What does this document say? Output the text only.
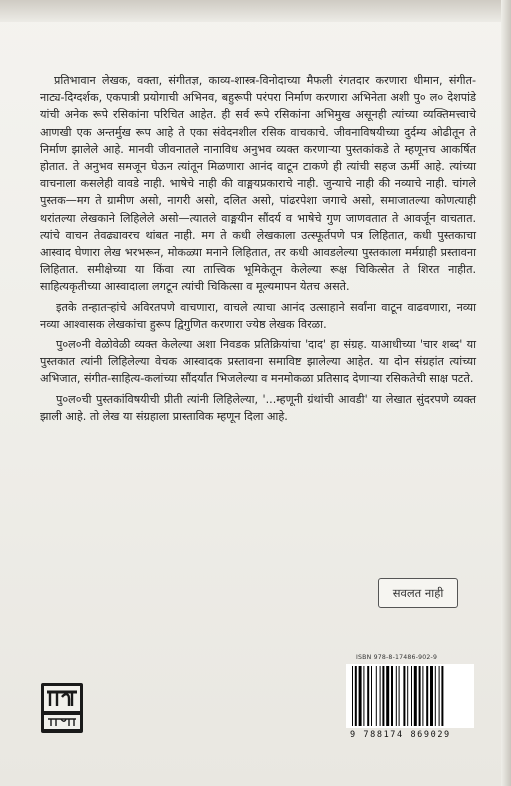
प्रतिभावान लेखक, वक्ता, संगीतज्ञ, काव्य-शास्त्र-विनोदाच्या मैफली रंगतदार करणारा धीमान, संगीत-नाट्य-दिग्दर्शक, एकपात्री प्रयोगाची अभिनव, बहुरूपी परंपरा निर्माण करणारा अभिनेता अशी पु० ल० देशपांडे यांची अनेक रूपे रसिकांना परिचित आहेत. ही सर्व रूपे रसिकांना अभिमुख असूनही त्यांच्या व्यक्तिमत्त्वाचे आणखी एक अन्तर्मुख रूप आहे ते एका संवेदनशील रसिक वाचकाचे. जीवनाविषयीच्या दुर्दम्य ओढीतून ते निर्माण झालेले आहे. मानवी जीवनातले नानाविध अनुभव व्यक्त करणाऱ्या पुस्तकांकडे ते म्हणूनच आकर्षित होतात. ते अनुभव समजून घेऊन त्यांतून मिळणारा आनंद वाटून टाकणे ही त्यांची सहज ऊर्मी आहे. त्यांच्या वाचनाला कसलेही वावडे नाही. भाषेचे नाही की वाङ्मयप्रकाराचे नाही. जुन्याचे नाही की नव्याचे नाही. चांगले पुस्तक—मग ते ग्रामीण असो, नागरी असो, दलित असो, पांढरपेशा जगाचे असो, समाजातल्या कोणत्याही थरांतल्या लेखकाने लिहिलेले असो—त्यातले वाङ्मयीन सौंदर्य व भाषेचे गुण जाणवतात ते आवर्जून वाचतात. त्यांचे वाचन तेवढ्यावरच थांबत नाही. मग ते कधी लेखकाला उत्स्फूर्तपणे पत्र लिहितात, कधी पुस्तकाचा आस्वाद घेणारा लेख भरभरून, मोकळ्या मनाने लिहितात, तर कधी आवडलेल्या पुस्तकाला मर्मग्राही प्रस्तावना लिहितात. समीक्षेच्या या किंवा त्या तात्त्विक भूमिकेतून केलेल्या रूक्ष चिकित्सेत ते शिरत नाहीत. साहित्यकृतीच्या आस्वादाला लगटून त्यांची चिकित्सा व मूल्यमापन येतच असते.

इतके तन्हातऱ्हांचे अविरतपणे वाचणारा, वाचले त्याचा आनंद उत्साहाने सर्वांना वाटून वाढवणारा, नव्या नव्या आश्वासक लेखकांचा हुरूप द्विगुणित करणारा ज्येष्ठ लेखक विरळा.

पु०ल०नी वेळोवेळी व्यक्त केलेल्या अशा निवडक प्रतिक्रियांचा 'दाद' हा संग्रह. याआधीच्या 'चार शब्द' या पुस्तकात त्यांनी लिहिलेल्या वेचक आस्वादक प्रस्तावना समाविष्ट झालेल्या आहेत. या दोन संग्रहांत त्यांच्या अभिजात, संगीत-साहित्य-कलांच्या सौंदर्यांत भिजलेल्या व मनमोकळा प्रतिसाद देणाऱ्या रसिकतेची साक्ष पटते.

पु०ल०ची पुस्तकांविषयीची प्रीती त्यांनी लिहिलेल्या, '...म्हणूनी ग्रंथांची आवडी' या लेखात सुंदरपणे व्यक्त झाली आहे. तो लेख या संग्रहाला प्रास्ताविक म्हणून दिला आहे.

सवलत नाही
ISBN 978-8-17486-902-9
9 788174 869029
